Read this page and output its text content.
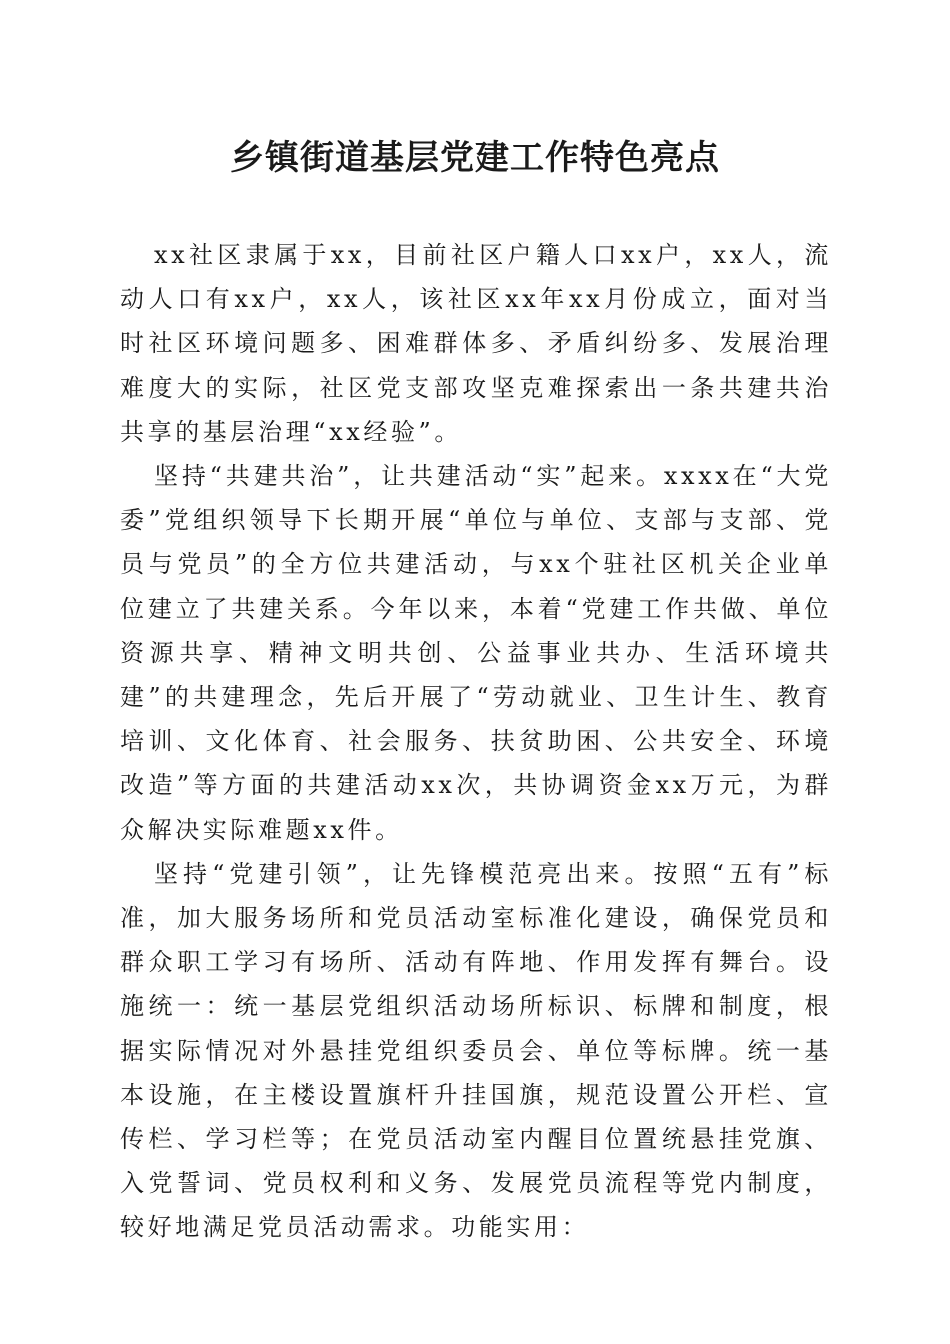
乡镇街道基层党建工作特色亮点

xx社区隶属于xx，目前社区户籍人口xx户，xx人，流动人口有xx户，xx人，该社区xx年xx月份成立，面对当时社区环境问题多、困难群体多、矛盾纠纷多、发展治理难度大的实际，社区党支部攻坚克难探索出一条共建共治共享的基层治理“xx经验”。

坚持“共建共治”，让共建活动“实”起来。xxxx在“大党委”党组织领导下长期开展“单位与单位、支部与支部、党员与党员”的全方位共建活动，与xx个驻社区机关企业单位建立了共建关系。今年以来，本着“党建工作共做、单位资源共享、精神文明共创、公益事业共办、生活环境共建”的共建理念，先后开展了“劳动就业、卫生计生、教育培训、文化体育、社会服务、扶贫助困、公共安全、环境改造”等方面的共建活动xx次，共协调资金xx万元，为群众解决实际难题xx件。

坚持“党建引领”，让先锋模范亮出来。按照“五有”标准，加大服务场所和党员活动室标准化建设，确保党员和群众职工学习有场所、活动有阵地、作用发挥有舞台。设施统一：统一基层党组织活动场所标识、标牌和制度，根据实际情况对外悬挂党组织委员会、单位等标牌。统一基本设施，在主楼设置旗杆升挂国旗，规范设置公开栏、宣传栏、学习栏等；在党员活动室内醒目位置统悬挂党旗、入党誓词、党员权利和义务、发展党员流程等党内制度，较好地满足党员活动需求。功能实用：
